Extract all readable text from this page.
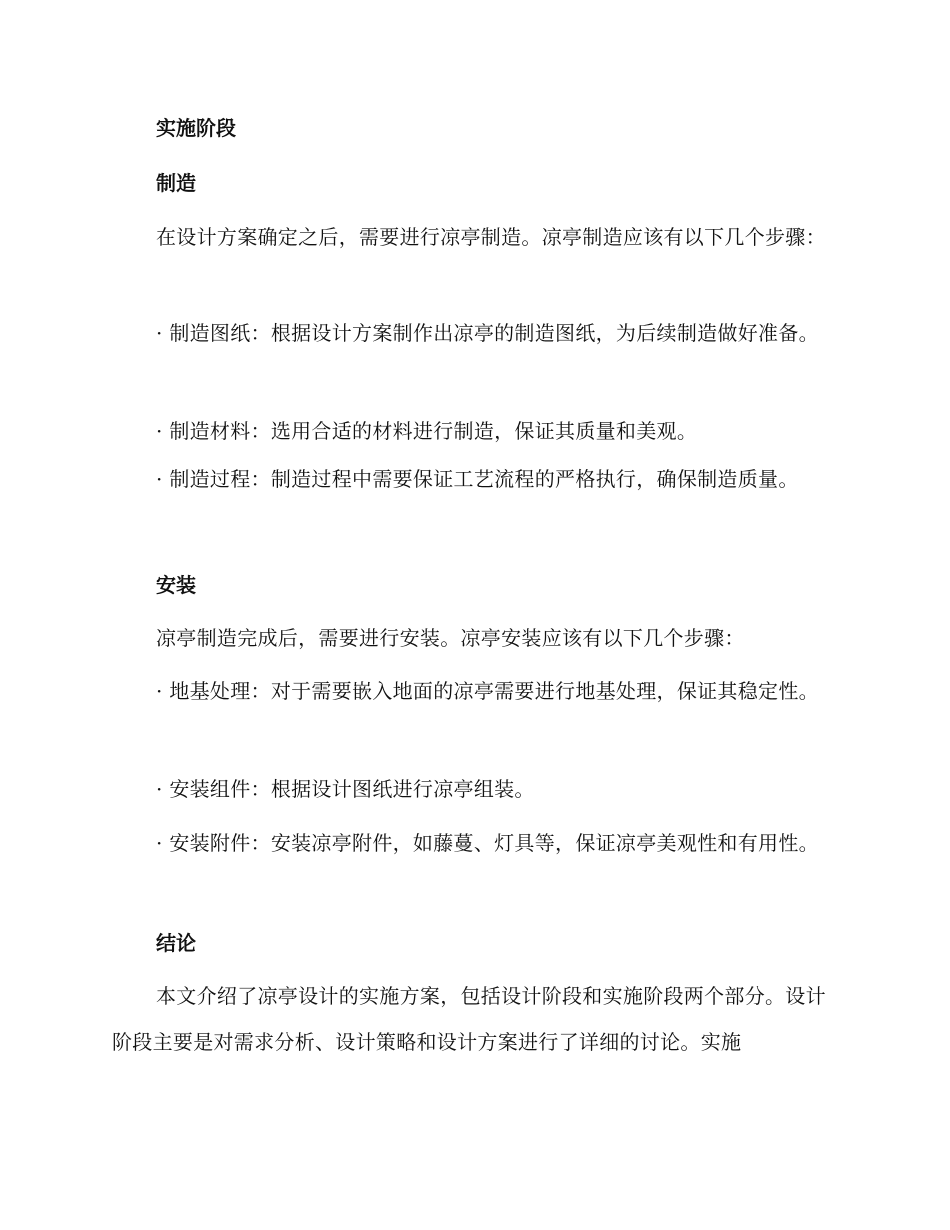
实施阶段
制造

在设计方案确定之后，需要进行凉亭制造。凉亭制造应该有以下几个步骤：

· 制造图纸：根据设计方案制作出凉亭的制造图纸，为后续制造做好准备。

· 制造材料：选用合适的材料进行制造，保证其质量和美观。

· 制造过程：制造过程中需要保证工艺流程的严格执行，确保制造质量。

安装

凉亭制造完成后，需要进行安装。凉亭安装应该有以下几个步骤：

· 地基处理：对于需要嵌入地面的凉亭需要进行地基处理，保证其稳定性。

· 安装组件：根据设计图纸进行凉亭组装。

· 安装附件：安装凉亭附件，如藤蔓、灯具等，保证凉亭美观性和有用性。

结论

本文介绍了凉亭设计的实施方案，包括设计阶段和实施阶段两个部分。设计阶段主要是对需求分析、设计策略和设计方案进行了详细的讨论。实施
